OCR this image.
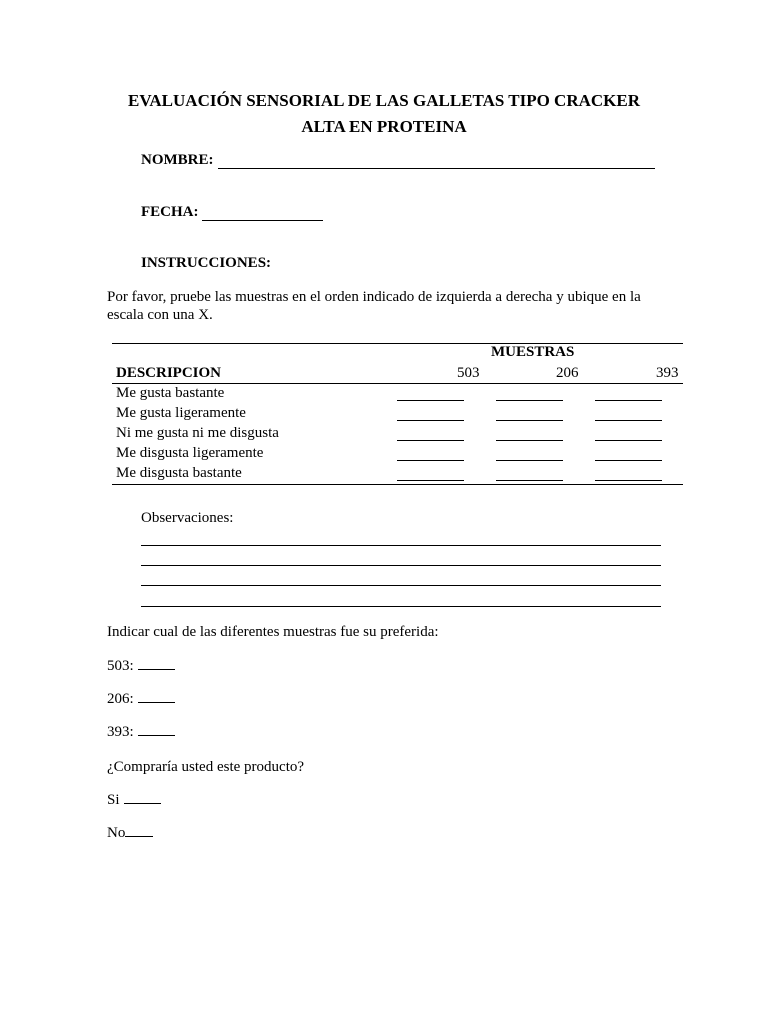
EVALUACIÓN SENSORIAL DE LAS GALLETAS TIPO CRACKER
ALTA EN PROTEINA
NOMBRE:
FECHA:
INSTRUCCIONES:
Por favor, pruebe las muestras en el orden indicado de izquierda a derecha y ubique en la
escala con una X.
MUESTRAS
DESCRIPCION	503	206	393
Me gusta bastante
Me gusta ligeramente
Ni me gusta ni me disgusta
Me disgusta ligeramente
Me disgusta bastante
Observaciones:
Indicar cual de las diferentes muestras fue su preferida:
503:
206:
393:
¿Compraría usted este producto?
Si
No
